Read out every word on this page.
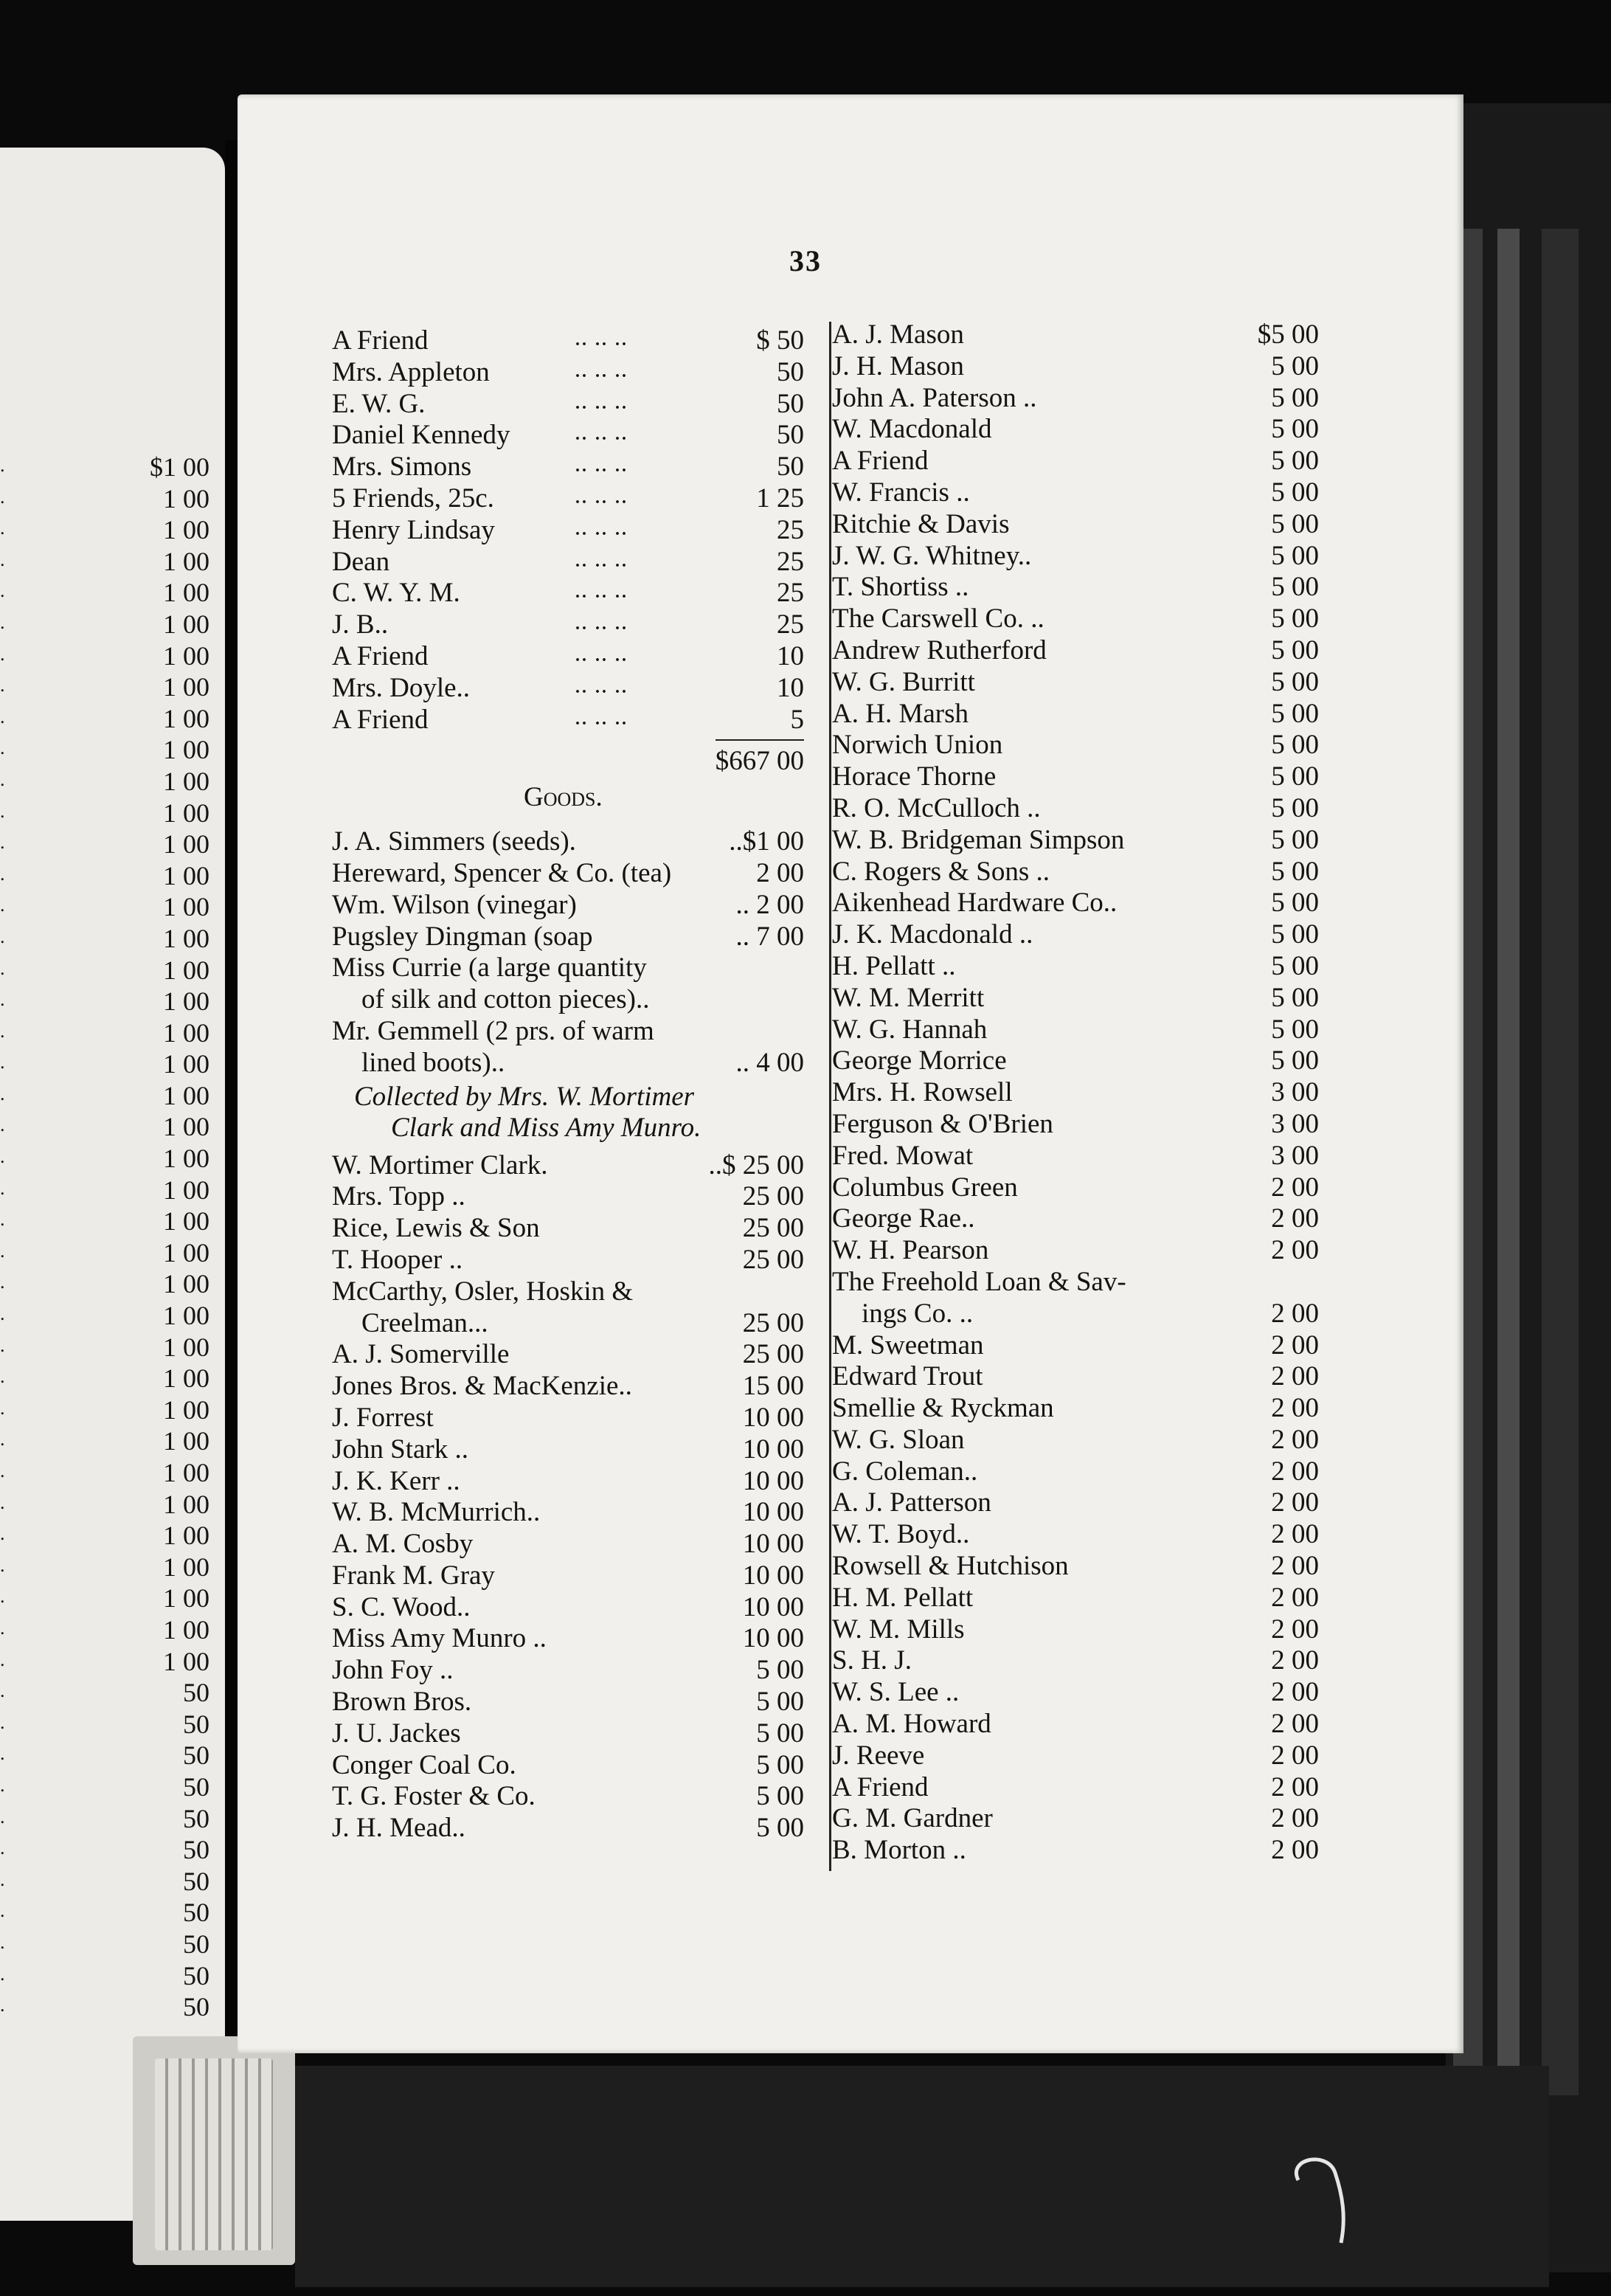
.	$1 00
.	1 00
.	1 00
.	1 00
.	1 00
.	1 00
.	1 00
.	1 00
.	1 00
.	1 00
.	1 00
.	1 00
.	1 00
.	1 00
.	1 00
.	1 00
.	1 00
.	1 00
.	1 00
.	1 00
.	1 00
.	1 00
.	1 00
.	1 00
.	1 00
.	1 00
.	1 00
.	1 00
.	1 00
.	1 00
.	1 00
.	1 00
.	1 00
.	1 00
.	1 00
.	1 00
.	1 00
.	1 00
.	1 00
.	50
.	50
.	50
.	50
.	50
.	50
.	50
.	50
.	50
.	50
.	50
33
A Friend	.. .. ..	$ 50
Mrs. Appleton	.. .. ..	50
E. W. G.	.. .. ..	50
Daniel Kennedy	.. .. ..	50
Mrs. Simons	.. .. ..	50
5 Friends, 25c.	.. .. ..	1 25
Henry Lindsay	.. .. ..	25
Dean	.. .. ..	25
C. W. Y. M.	.. .. ..	25
J. B..	.. .. ..	25
A Friend	.. .. ..	10
Mrs. Doyle..	.. .. ..	10
A Friend	.. .. ..	5
$667 00
Goods.
J. A. Simmers (seeds).	..$1 00
Hereward, Spencer & Co. (tea)	2 00
Wm. Wilson (vinegar)	.. 2 00
Pugsley Dingman (soap	.. 7 00
Miss Currie (a large quantity
of silk and cotton pieces)..
Mr. Gemmell (2 prs. of warm
lined boots)..	.. 4 00
Collected by Mrs. W. Mortimer
Clark and Miss Amy Munro.
W. Mortimer Clark.	..$ 25 00
Mrs. Topp ..	25 00
Rice, Lewis & Son	25 00
T. Hooper ..	25 00
McCarthy, Osler, Hoskin &
Creelman...	25 00
A. J. Somerville	25 00
Jones Bros. & MacKenzie..	15 00
J. Forrest	10 00
John Stark ..	10 00
J. K. Kerr ..	10 00
W. B. McMurrich..	10 00
A. M. Cosby	10 00
Frank M. Gray	10 00
S. C. Wood..	10 00
Miss Amy Munro ..	10 00
John Foy ..	5 00
Brown Bros.	5 00
J. U. Jackes	5 00
Conger Coal Co.	5 00
T. G. Foster & Co.	5 00
J. H. Mead..	5 00
A. J. Mason	$5 00
J. H. Mason	5 00
John A. Paterson ..	5 00
W. Macdonald	5 00
A Friend	5 00
W. Francis ..	5 00
Ritchie & Davis	5 00
J. W. G. Whitney..	5 00
T. Shortiss ..	5 00
The Carswell Co. ..	5 00
Andrew Rutherford	5 00
W. G. Burritt	5 00
A. H. Marsh	5 00
Norwich Union	5 00
Horace Thorne	5 00
R. O. McCulloch ..	5 00
W. B. Bridgeman Simpson	5 00
C. Rogers & Sons ..	5 00
Aikenhead Hardware Co..	5 00
J. K. Macdonald ..	5 00
H. Pellatt ..	5 00
W. M. Merritt	5 00
W. G. Hannah	5 00
George Morrice	5 00
Mrs. H. Rowsell	3 00
Ferguson & O'Brien	3 00
Fred. Mowat	3 00
Columbus Green	2 00
George Rae..	2 00
W. H. Pearson	2 00
The Freehold Loan & Sav-
ings Co. ..	2 00
M. Sweetman	2 00
Edward Trout	2 00
Smellie & Ryckman	2 00
W. G. Sloan	2 00
G. Coleman..	2 00
A. J. Patterson	2 00
W. T. Boyd..	2 00
Rowsell & Hutchison	2 00
H. M. Pellatt	2 00
W. M. Mills	2 00
S. H. J.	2 00
W. S. Lee ..	2 00
A. M. Howard	2 00
J. Reeve	2 00
A Friend	2 00
G. M. Gardner	2 00
B. Morton ..	2 00
